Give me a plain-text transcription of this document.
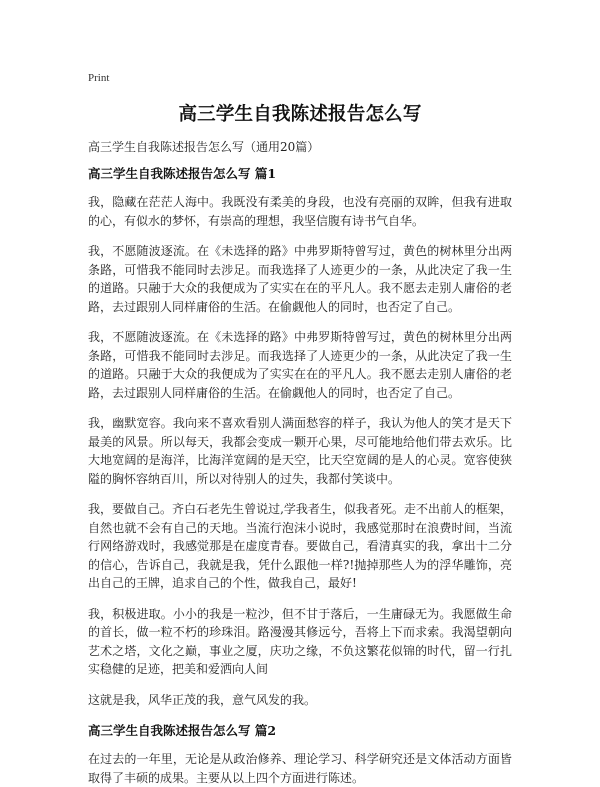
Print
高三学生自我陈述报告怎么写
高三学生自我陈述报告怎么写（通用20篇）
高三学生自我陈述报告怎么写 篇1

我，隐藏在茫茫人海中。我既没有柔美的身段，也没有亮丽的双眸，但我有进取的心，有似水的梦怀，有崇高的理想，我坚信腹有诗书气自华。

我，不愿随波逐流。在《未选择的路》中弗罗斯特曾写过，黄色的树林里分出两条路，可惜我不能同时去涉足。而我选择了人迹更少的一条，从此决定了我一生的道路。只融于大众的我便成为了实实在在的平凡人。我不愿去走别人庸俗的老路，去过跟别人同样庸俗的生活。在偷觑他人的同时，也否定了自己。

我，不愿随波逐流。在《未选择的路》中弗罗斯特曾写过，黄色的树林里分出两条路，可惜我不能同时去涉足。而我选择了人迹更少的一条，从此决定了我一生的道路。只融于大众的我便成为了实实在在的平凡人。我不愿去走别人庸俗的老路，去过跟别人同样庸俗的生活。在偷觑他人的同时，也否定了自己。

我，幽默宽容。我向来不喜欢看别人满面愁容的样子，我认为他人的笑才是天下最美的风景。所以每天，我都会变成一颗开心果，尽可能地给他们带去欢乐。比大地宽阔的是海洋，比海洋宽阔的是天空，比天空宽阔的是人的心灵。宽容使狭隘的胸怀容纳百川，所以对待别人的过失，我都付笑谈中。

我，要做自己。齐白石老先生曾说过,学我者生，似我者死。走不出前人的框架，自然也就不会有自己的天地。当流行泡沫小说时，我感觉那时在浪费时间，当流行网络游戏时，我感觉那是在虚度青春。要做自己，看清真实的我，拿出十二分的信心，告诉自己，我就是我，凭什么跟他一样?!抛掉那些人为的浮华雕饰，亮出自己的王牌，追求自己的个性，做我自己，最好!

我，积极进取。小小的我是一粒沙，但不甘于落后，一生庸碌无为。我愿做生命的首长，做一粒不朽的珍珠泪。路漫漫其修远兮，吾将上下而求索。我渴望朝向艺术之塔，文化之巅，事业之厦，庆功之缘，不负这繁花似锦的时代，留一行扎实稳健的足迹，把美和爱洒向人间

这就是我，风华正茂的我，意气风发的我。

高三学生自我陈述报告怎么写 篇2

在过去的一年里，无论是从政治修养、理论学习、科学研究还是文体活动方面皆取得了丰硕的成果。主要从以上四个方面进行陈述。
